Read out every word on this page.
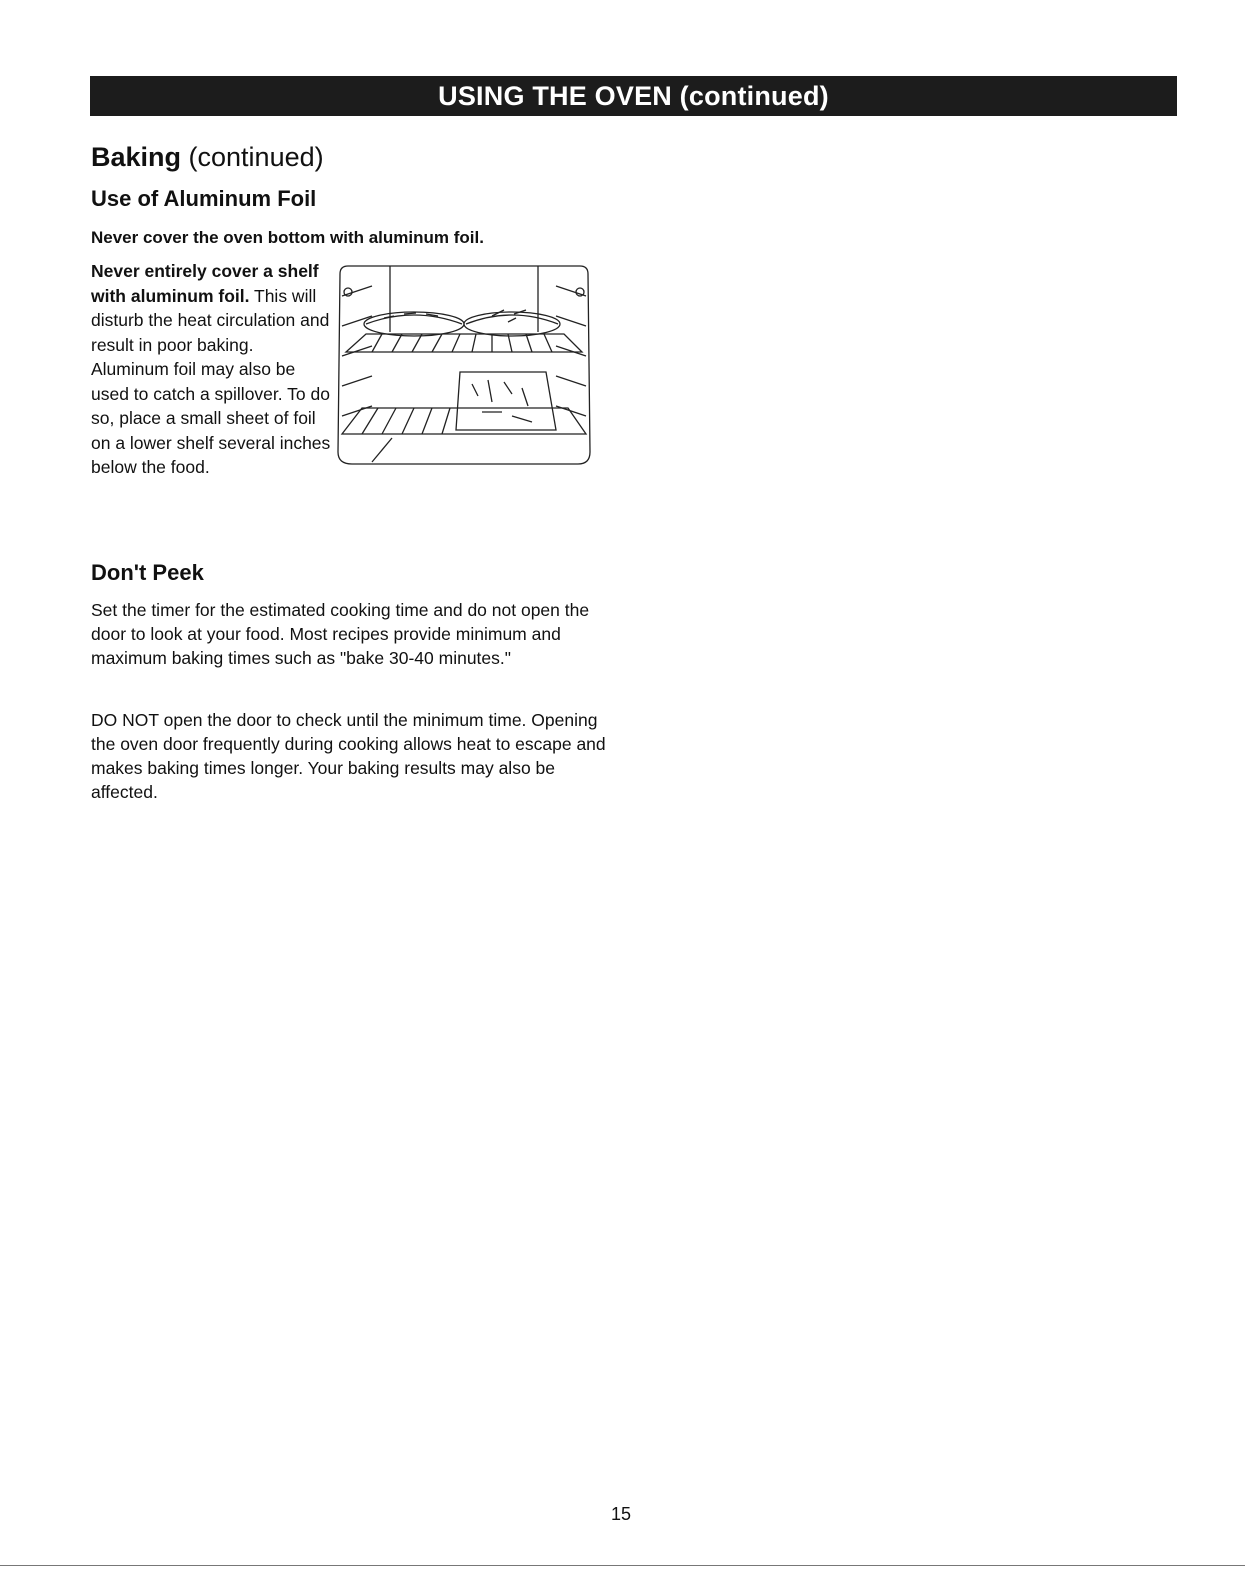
USING THE OVEN (continued)
Baking (continued)
Use of Aluminum Foil

Never cover the oven bottom with aluminum foil.

Never entirely cover a shelf with aluminum foil. This will disturb the heat circulation and result in poor baking. Aluminum foil may also be used to catch a spillover. To do so, place a small sheet of foil on a lower shelf several inches below the food.

Don't Peek

Set the timer for the estimated cooking time and do not open the door to look at your food. Most recipes provide minimum and maximum baking times such as "bake 30-40 minutes."

DO NOT open the door to check until the minimum time. Opening the oven door frequently during cooking allows heat to escape and makes baking times longer. Your baking results may also be affected.

15
